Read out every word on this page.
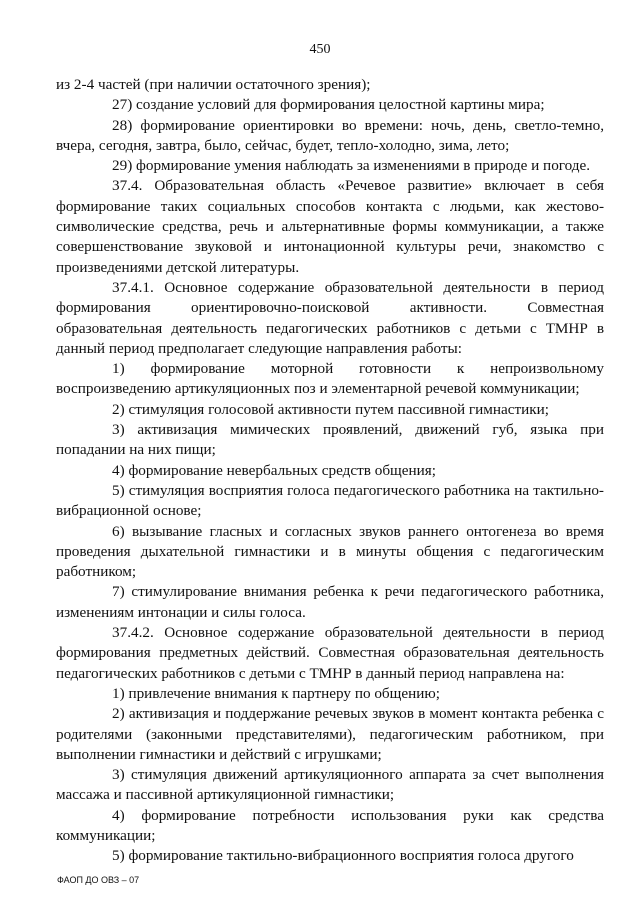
450

из 2-4 частей (при наличии остаточного зрения);

27) создание условий для формирования целостной картины мира;

28) формирование ориентировки во времени: ночь, день, светло-темно, вчера, сегодня, завтра, было, сейчас, будет, тепло-холодно, зима, лето;

29) формирование умения наблюдать за изменениями в природе и погоде.

37.4. Образовательная область «Речевое развитие» включает в себя формирование таких социальных способов контакта с людьми, как жестово-символические средства, речь и альтернативные формы коммуникации, а также совершенствование звуковой и интонационной культуры речи, знакомство с произведениями детской литературы.

37.4.1. Основное содержание образовательной деятельности в период формирования ориентировочно-поисковой активности. Совместная образовательная деятельность педагогических работников с детьми с ТМНР в данный период предполагает следующие направления работы:

1) формирование моторной готовности к непроизвольному воспроизведению артикуляционных поз и элементарной речевой коммуникации;

2) стимуляция голосовой активности путем пассивной гимнастики;

3) активизация мимических проявлений, движений губ, языка при попадании на них пищи;

4) формирование невербальных средств общения;

5) стимуляция восприятия голоса педагогического работника на тактильно-вибрационной основе;

6) вызывание гласных и согласных звуков раннего онтогенеза во время проведения дыхательной гимнастики и в минуты общения с педагогическим работником;

7) стимулирование внимания ребенка к речи педагогического работника, изменениям интонации и силы голоса.

37.4.2. Основное содержание образовательной деятельности в период формирования предметных действий. Совместная образовательная деятельность педагогических работников с детьми с ТМНР в данный период направлена на:

1) привлечение внимания к партнеру по общению;

2) активизация и поддержание речевых звуков в момент контакта ребенка с родителями (законными представителями), педагогическим работником, при выполнении гимнастики и действий с игрушками;

3) стимуляция движений артикуляционного аппарата за счет выполнения массажа и пассивной артикуляционной гимнастики;

4) формирование потребности использования руки как средства коммуникации;

5) формирование тактильно-вибрационного восприятия голоса другого

ФАОП ДО ОВЗ – 07
